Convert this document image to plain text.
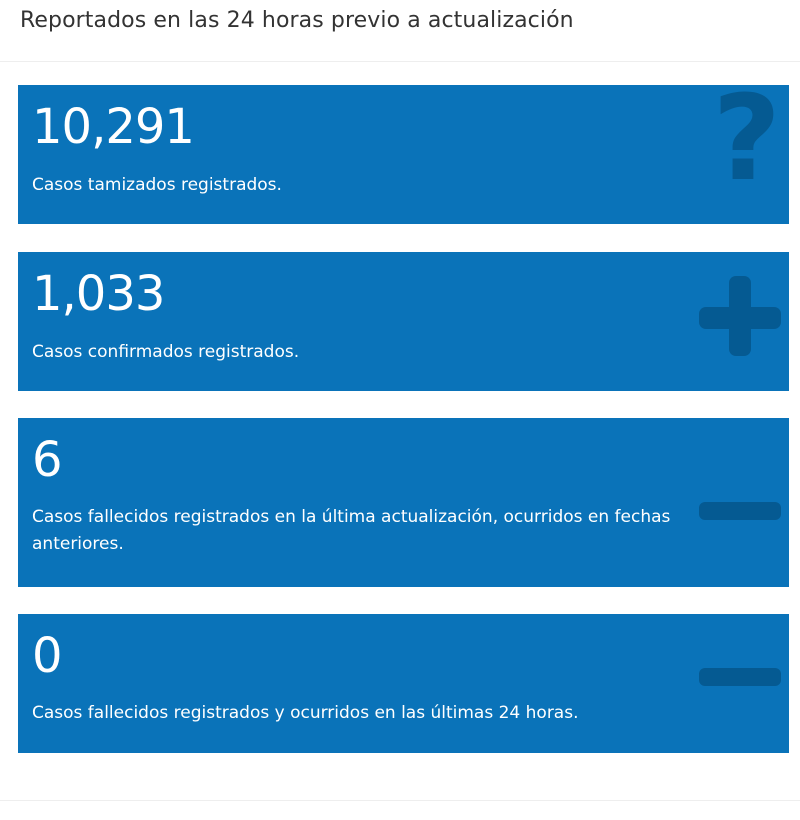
Reportados en las 24 horas previo a actualización
?
10,291
Casos tamizados registrados.
1,033
Casos confirmados registrados.
6
Casos fallecidos registrados en la última actualización, ocurridos en fechas anteriores.
0
Casos fallecidos registrados y ocurridos en las últimas 24 horas.
